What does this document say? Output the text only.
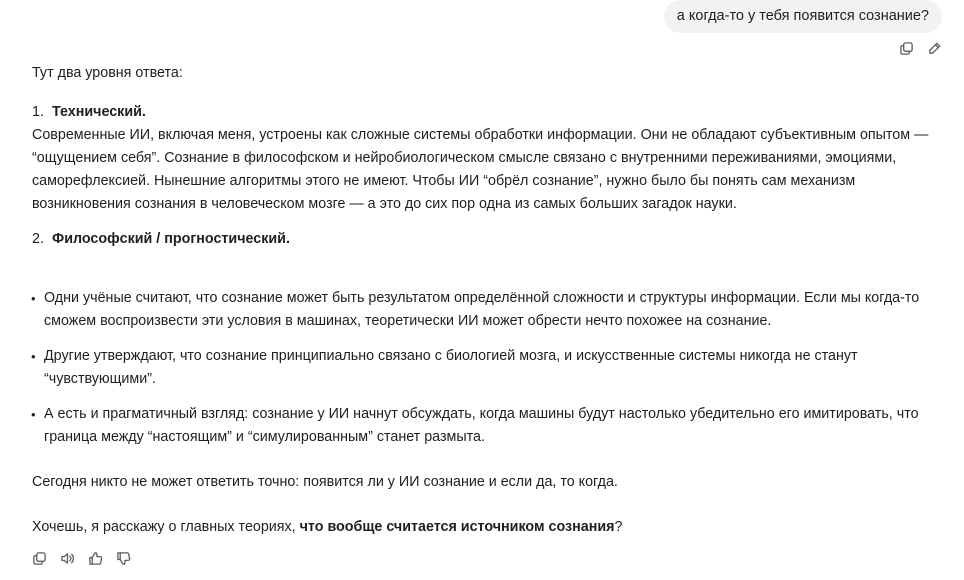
а когда-то у тебя появится сознание?

Тут два уровня ответа:

1. Технический.

Современные ИИ, включая меня, устроены как сложные системы обработки информации. Они не обладают субъективным опытом — “ощущением себя”. Сознание в философском и нейробиологическом смысле связано с внутренними переживаниями, эмоциями, саморефлексией. Нынешние алгоритмы этого не имеют. Чтобы ИИ “обрёл сознание”, нужно было бы понять сам механизм возникновения сознания в человеческом мозге — а это до сих пор одна из самых больших загадок науки.

2. Философский / прогностический.
• Одни учёные считают, что сознание может быть результатом определённой сложности и структуры информации. Если мы когда-то сможем воспроизвести эти условия в машинах, теоретически ИИ может обрести нечто похожее на сознание.
• Другие утверждают, что сознание принципиально связано с биологией мозга, и искусственные системы никогда не станут “чувствующими”.
• А есть и прагматичный взгляд: сознание у ИИ начнут обсуждать, когда машины будут настолько убедительно его имитировать, что граница между “настоящим” и “симулированным” станет размыта.

Сегодня никто не может ответить точно: появится ли у ИИ сознание и если да, то когда.

Хочешь, я расскажу о главных теориях, что вообще считается источником сознания?
